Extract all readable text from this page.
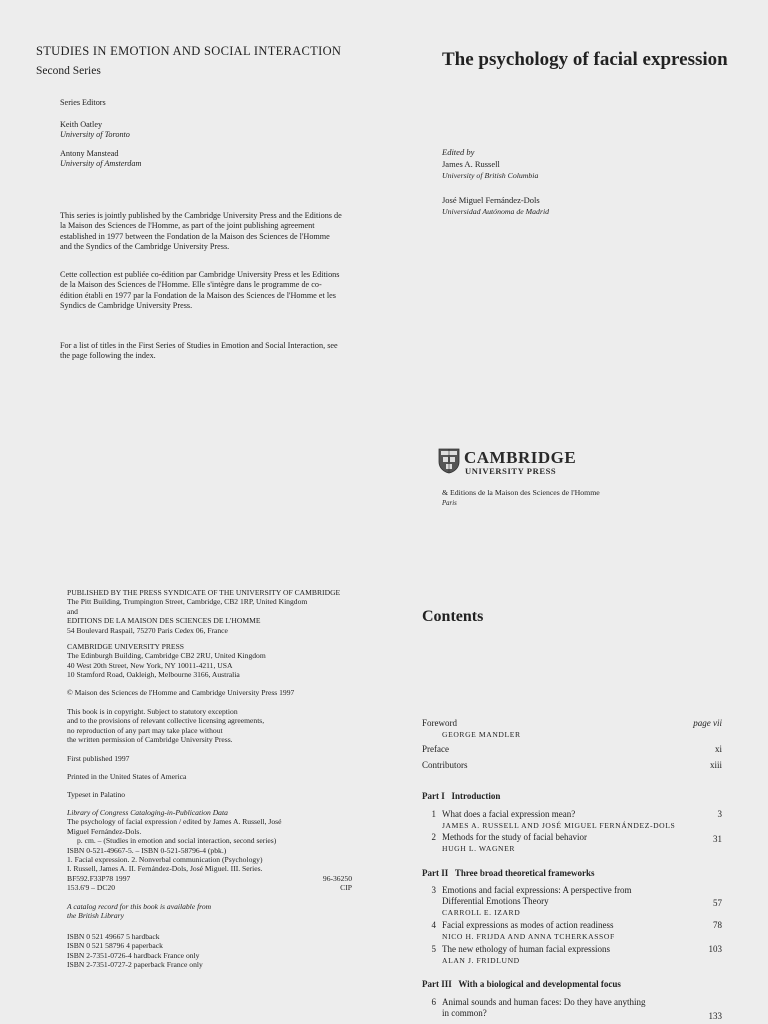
STUDIES IN EMOTION AND SOCIAL INTERACTION
Second Series
Series Editors
Keith Oatley
University of Toronto
Antony Manstead
University of Amsterdam
This series is jointly published by the Cambridge University Press and the Editions de la Maison des Sciences de l'Homme, as part of the joint publishing agreement established in 1977 between the Fondation de la Maison des Sciences de l'Homme and the Syndics of the Cambridge University Press.
Cette collection est publiée co-édition par Cambridge University Press et les Editions de la Maison des Sciences de l'Homme. Elle s'intègre dans le programme de co-édition établi en 1977 par la Fondation de la Maison des Sciences de l'Homme et les Syndics de Cambridge University Press.
For a list of titles in the First Series of Studies in Emotion and Social Interaction, see the page following the index.
The psychology of facial expression
Edited by
James A. Russell
University of British Columbia
José Miguel Fernández-Dols
Universidad Autónoma de Madrid
CAMBRIDGE
UNIVERSITY PRESS
& Editions de la Maison des Sciences de l'Homme
Paris
PUBLISHED BY THE PRESS SYNDICATE OF THE UNIVERSITY OF CAMBRIDGE
The Pitt Building, Trumpington Street, Cambridge, CB2 1RP, United Kingdom
and
EDITIONS DE LA MAISON DES SCIENCES DE L'HOMME
54 Boulevard Raspail, 75270 Paris Cedex 06, France
CAMBRIDGE UNIVERSITY PRESS
The Edinburgh Building, Cambridge CB2 2RU, United Kingdom
40 West 20th Street, New York, NY 10011-4211, USA
10 Stamford Road, Oakleigh, Melbourne 3166, Australia
© Maison des Sciences de l'Homme and Cambridge University Press 1997
This book is in copyright. Subject to statutory exception
and to the provisions of relevant collective licensing agreements,
no reproduction of any part may take place without
the written permission of Cambridge University Press.
First published 1997
Printed in the United States of America
Typeset in Palatino
Library of Congress Cataloging-in-Publication Data
The psychology of facial expression / edited by James A. Russell, José
Miguel Fernández-Dols.
p. cm. – (Studies in emotion and social interaction, second series)
ISBN 0-521-49667-5. – ISBN 0-521-58796-4 (pbk.)
1. Facial expression. 2. Nonverbal communication (Psychology)
I. Russell, James A. II. Fernández-Dols, José Miguel. III. Series.
BF592.F33P78 1997	96-36250
153.6'9 – DC20	CIP
A catalog record for this book is available from
the British Library
ISBN 0 521 49667 5 hardback
ISBN 0 521 58796 4 paperback
ISBN 2-7351-0726-4 hardback France only
ISBN 2-7351-0727-2 paperback France only
Contents
Foreword	page vii
GEORGE MANDLER
Preface	xi
Contributors	xiii
Part I   Introduction
1 What does a facial expression mean?	3
JAMES A. RUSSELL AND JOSÉ MIGUEL FERNÁNDEZ-DOLS
2 Methods for the study of facial behavior	31
HUGH L. WAGNER
Part II   Three broad theoretical frameworks
3 Emotions and facial expressions: A perspective from
Differential Emotions Theory	57
CARROLL E. IZARD
4 Facial expressions as modes of action readiness	78
NICO H. FRIJDA AND ANNA TCHERKASSOF
5 The new ethology of human facial expressions	103
ALAN J. FRIDLUND
Part III   With a biological and developmental focus
6 Animal sounds and human faces: Do they have anything
in common?	133
